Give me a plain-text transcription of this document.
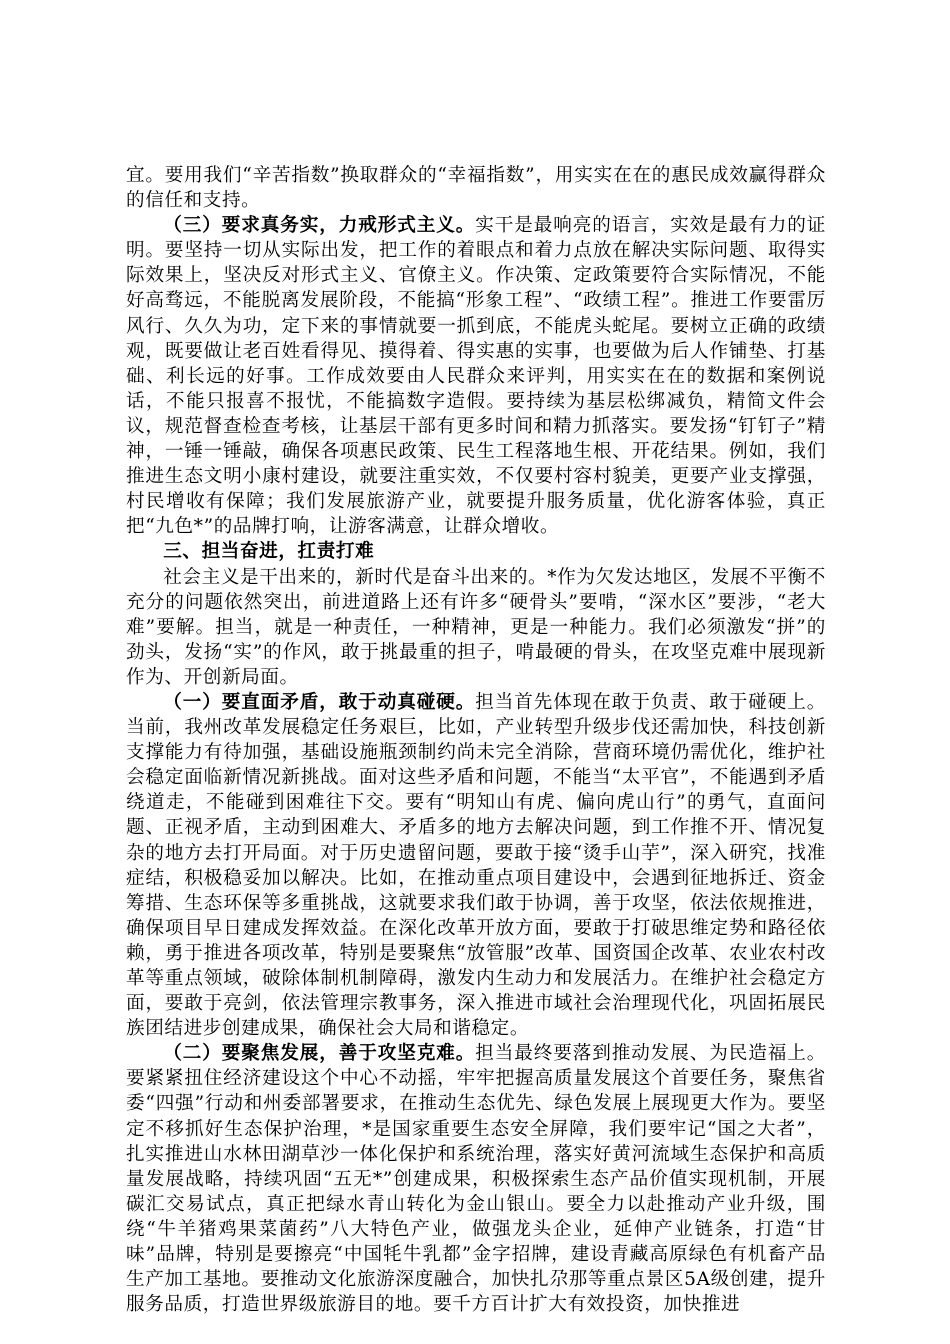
宜。要用我们“辛苦指数”换取群众的“幸福指数”，用实实在在的惠民成效赢得群众的信任和支持。

（三）要求真务实，力戒形式主义。实干是最响亮的语言，实效是最有力的证明。要坚持一切从实际出发，把工作的着眼点和着力点放在解决实际问题、取得实际效果上，坚决反对形式主义、官僚主义。作决策、定政策要符合实际情况，不能好高骛远，不能脱离发展阶段，不能搞“形象工程”、“政绩工程”。推进工作要雷厉风行、久久为功，定下来的事情就要一抓到底，不能虎头蛇尾。要树立正确的政绩观，既要做让老百姓看得见、摸得着、得实惠的实事，也要做为后人作铺垫、打基础、利长远的好事。工作成效要由人民群众来评判，用实实在在的数据和案例说话，不能只报喜不报忧，不能搞数字造假。要持续为基层松绑减负，精简文件会议，规范督查检查考核，让基层干部有更多时间和精力抓落实。要发扬“钉钉子”精神，一锤一锤敲，确保各项惠民政策、民生工程落地生根、开花结果。例如，我们推进生态文明小康村建设，就要注重实效，不仅要村容村貌美，更要产业支撑强，村民增收有保障；我们发展旅游产业，就要提升服务质量，优化游客体验，真正把“九色*”的品牌打响，让游客满意，让群众增收。

三、担当奋进，扛责打难

社会主义是干出来的，新时代是奋斗出来的。*作为欠发达地区，发展不平衡不充分的问题依然突出，前进道路上还有许多“硬骨头”要啃，“深水区”要涉，“老大难”要解。担当，就是一种责任，一种精神，更是一种能力。我们必须激发“拼”的劲头，发扬“实”的作风，敢于挑最重的担子，啃最硬的骨头，在攻坚克难中展现新作为、开创新局面。

（一）要直面矛盾，敢于动真碰硬。担当首先体现在敢于负责、敢于碰硬上。当前，我州改革发展稳定任务艰巨，比如，产业转型升级步伐还需加快，科技创新支撑能力有待加强，基础设施瓶颈制约尚未完全消除，营商环境仍需优化，维护社会稳定面临新情况新挑战。面对这些矛盾和问题，不能当“太平官”，不能遇到矛盾绕道走，不能碰到困难往下交。要有“明知山有虎、偏向虎山行”的勇气，直面问题、正视矛盾，主动到困难大、矛盾多的地方去解决问题，到工作推不开、情况复杂的地方去打开局面。对于历史遗留问题，要敢于接“烫手山芋”，深入研究，找准症结，积极稳妥加以解决。比如，在推动重点项目建设中，会遇到征地拆迁、资金筹措、生态环保等多重挑战，这就要求我们敢于协调，善于攻坚，依法依规推进，确保项目早日建成发挥效益。在深化改革开放方面，要敢于打破思维定势和路径依赖，勇于推进各项改革，特别是要聚焦“放管服”改革、国资国企改革、农业农村改革等重点领域，破除体制机制障碍，激发内生动力和发展活力。在维护社会稳定方面，要敢于亮剑，依法管理宗教事务，深入推进市域社会治理现代化，巩固拓展民族团结进步创建成果，确保社会大局和谐稳定。

（二）要聚焦发展，善于攻坚克难。担当最终要落到推动发展、为民造福上。要紧紧扭住经济建设这个中心不动摇，牢牢把握高质量发展这个首要任务，聚焦省委“四强”行动和州委部署要求，在推动生态优先、绿色发展上展现更大作为。要坚定不移抓好生态保护治理，*是国家重要生态安全屏障，我们要牢记“国之大者”，扎实推进山水林田湖草沙一体化保护和系统治理，落实好黄河流域生态保护和高质量发展战略，持续巩固“五无*”创建成果，积极探索生态产品价值实现机制，开展碳汇交易试点，真正把绿水青山转化为金山银山。要全力以赴推动产业升级，围绕“牛羊猪鸡果菜菌药”八大特色产业，做强龙头企业，延伸产业链条，打造“甘味”品牌，特别是要擦亮“中国牦牛乳都”金字招牌，建设青藏高原绿色有机畜产品生产加工基地。要推动文化旅游深度融合，加快扎尕那等重点景区5A级创建，提升服务品质，打造世界级旅游目的地。要千方百计扩大有效投资，加快推进
